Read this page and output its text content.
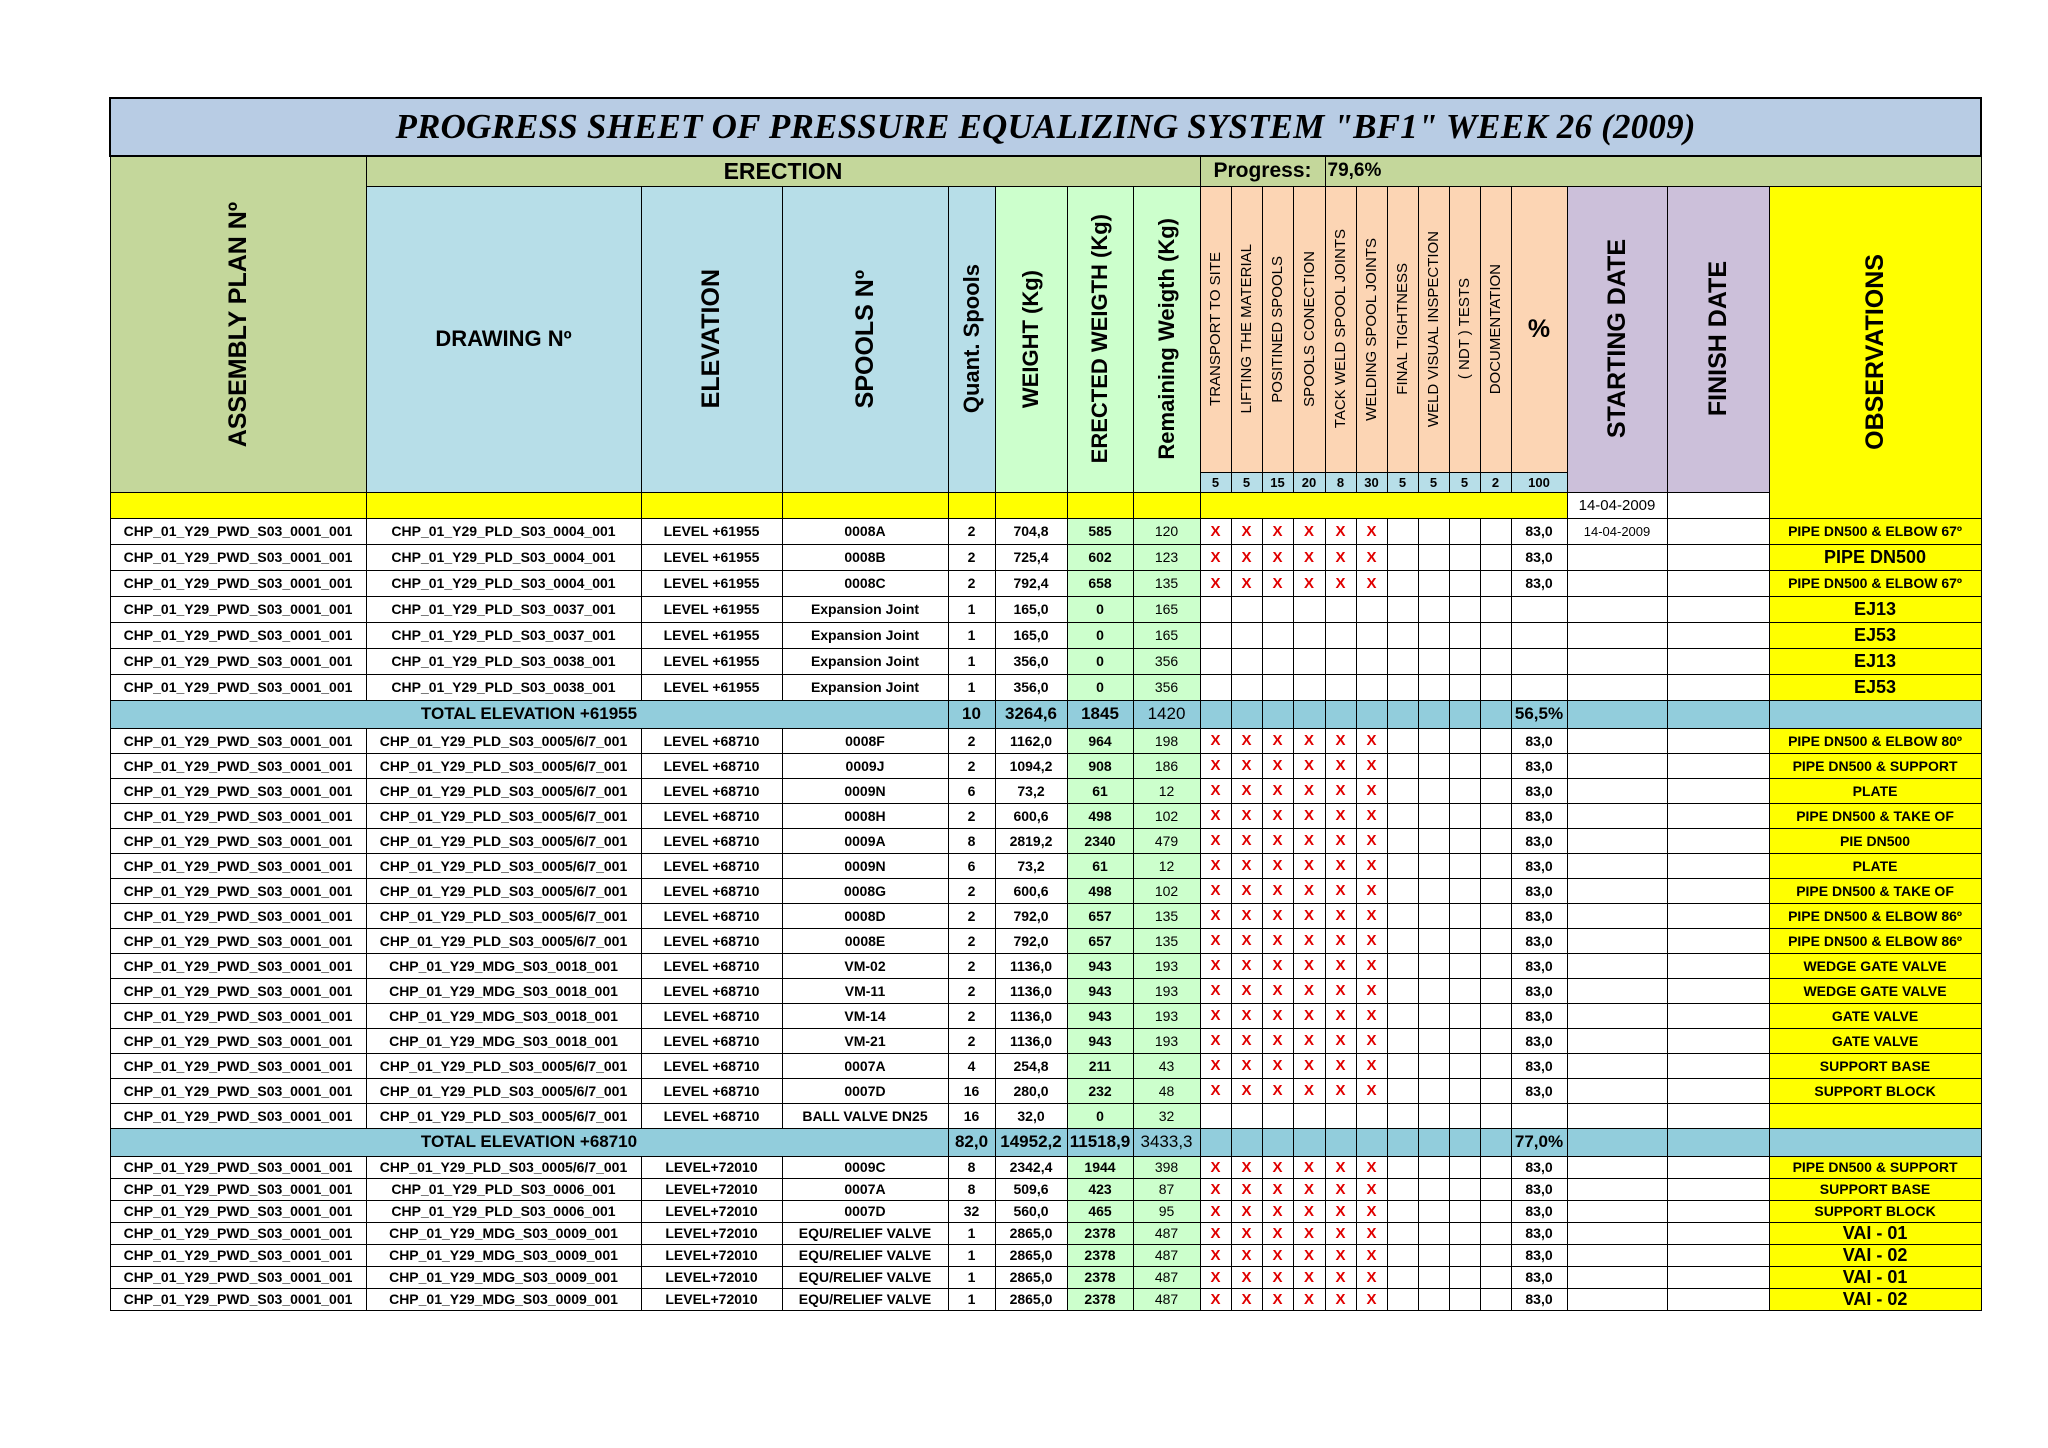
PROGRESS SHEET OF PRESSURE EQUALIZING SYSTEM "BF1" WEEK 26 (2009)																					

ASSEMBLY PLAN Nº	ERECTION							Progress:				79,6%									
	DRAWING Nº	ELEVATION	SPOOLS Nº	Quant. Spools	WEIGHT (Kg)	ERECTED WEIGTH (Kg)	Remaining Weigth (Kg)	TRANSPORT TO SITE	LIFTING THE MATERIAL	POSITINED SPOOLS	SPOOLS CONECTION	TACK WELD SPOOL JOINTS	WELDING SPOOL JOINTS	FINAL TIGHTNESS	WELD VISUAL INSPECTION	( NDT ) TESTS	DOCUMENTATION	%	STARTING DATE	FINISH DATE	OBSERVATIONS

								5	5	15	20	8	30	5	5	5	2	100			
																			14-04-2009		
CHP_01_Y29_PWD_S03_0001_001	CHP_01_Y29_PLD_S03_0004_001	LEVEL +61955	0008A	2	704,8	585	120	X	X	X	X	X	X					83,0	14-04-2009		PIPE DN500 & ELBOW 67º
CHP_01_Y29_PWD_S03_0001_001	CHP_01_Y29_PLD_S03_0004_001	LEVEL +61955	0008B	2	725,4	602	123	X	X	X	X	X	X					83,0			PIPE DN500
CHP_01_Y29_PWD_S03_0001_001	CHP_01_Y29_PLD_S03_0004_001	LEVEL +61955	0008C	2	792,4	658	135	X	X	X	X	X	X					83,0			PIPE DN500 & ELBOW 67º
CHP_01_Y29_PWD_S03_0001_001	CHP_01_Y29_PLD_S03_0037_001	LEVEL +61955	Expansion Joint	1	165,0	0	165														EJ13
CHP_01_Y29_PWD_S03_0001_001	CHP_01_Y29_PLD_S03_0037_001	LEVEL +61955	Expansion Joint	1	165,0	0	165														EJ53
CHP_01_Y29_PWD_S03_0001_001	CHP_01_Y29_PLD_S03_0038_001	LEVEL +61955	Expansion Joint	1	356,0	0	356														EJ13
CHP_01_Y29_PWD_S03_0001_001	CHP_01_Y29_PLD_S03_0038_001	LEVEL +61955	Expansion Joint	1	356,0	0	356														EJ53
TOTAL ELEVATION +61955				10	3264,6	1845	1420											56,5%			
CHP_01_Y29_PWD_S03_0001_001	CHP_01_Y29_PLD_S03_0005/6/7_001	LEVEL +68710	0008F	2	1162,0	964	198	X	X	X	X	X	X					83,0			PIPE DN500 & ELBOW 80º
CHP_01_Y29_PWD_S03_0001_001	CHP_01_Y29_PLD_S03_0005/6/7_001	LEVEL +68710	0009J	2	1094,2	908	186	X	X	X	X	X	X					83,0			PIPE DN500 & SUPPORT
CHP_01_Y29_PWD_S03_0001_001	CHP_01_Y29_PLD_S03_0005/6/7_001	LEVEL +68710	0009N	6	73,2	61	12	X	X	X	X	X	X					83,0			PLATE
CHP_01_Y29_PWD_S03_0001_001	CHP_01_Y29_PLD_S03_0005/6/7_001	LEVEL +68710	0008H	2	600,6	498	102	X	X	X	X	X	X					83,0			PIPE DN500 & TAKE OF
CHP_01_Y29_PWD_S03_0001_001	CHP_01_Y29_PLD_S03_0005/6/7_001	LEVEL +68710	0009A	8	2819,2	2340	479	X	X	X	X	X	X					83,0			PIE DN500
CHP_01_Y29_PWD_S03_0001_001	CHP_01_Y29_PLD_S03_0005/6/7_001	LEVEL +68710	0009N	6	73,2	61	12	X	X	X	X	X	X					83,0			PLATE
CHP_01_Y29_PWD_S03_0001_001	CHP_01_Y29_PLD_S03_0005/6/7_001	LEVEL +68710	0008G	2	600,6	498	102	X	X	X	X	X	X					83,0			PIPE DN500 & TAKE OF
CHP_01_Y29_PWD_S03_0001_001	CHP_01_Y29_PLD_S03_0005/6/7_001	LEVEL +68710	0008D	2	792,0	657	135	X	X	X	X	X	X					83,0			PIPE DN500 & ELBOW 86º
CHP_01_Y29_PWD_S03_0001_001	CHP_01_Y29_PLD_S03_0005/6/7_001	LEVEL +68710	0008E	2	792,0	657	135	X	X	X	X	X	X					83,0			PIPE DN500 & ELBOW 86º
CHP_01_Y29_PWD_S03_0001_001	CHP_01_Y29_MDG_S03_0018_001	LEVEL +68710	VM-02	2	1136,0	943	193	X	X	X	X	X	X					83,0			WEDGE GATE VALVE
CHP_01_Y29_PWD_S03_0001_001	CHP_01_Y29_MDG_S03_0018_001	LEVEL +68710	VM-11	2	1136,0	943	193	X	X	X	X	X	X					83,0			WEDGE GATE VALVE
CHP_01_Y29_PWD_S03_0001_001	CHP_01_Y29_MDG_S03_0018_001	LEVEL +68710	VM-14	2	1136,0	943	193	X	X	X	X	X	X					83,0			GATE VALVE
CHP_01_Y29_PWD_S03_0001_001	CHP_01_Y29_MDG_S03_0018_001	LEVEL +68710	VM-21	2	1136,0	943	193	X	X	X	X	X	X					83,0			GATE VALVE
CHP_01_Y29_PWD_S03_0001_001	CHP_01_Y29_PLD_S03_0005/6/7_001	LEVEL +68710	0007A	4	254,8	211	43	X	X	X	X	X	X					83,0			SUPPORT BASE
CHP_01_Y29_PWD_S03_0001_001	CHP_01_Y29_PLD_S03_0005/6/7_001	LEVEL +68710	0007D	16	280,0	232	48	X	X	X	X	X	X					83,0			SUPPORT BLOCK
CHP_01_Y29_PWD_S03_0001_001	CHP_01_Y29_PLD_S03_0005/6/7_001	LEVEL +68710	BALL VALVE DN25	16	32,0	0	32														
TOTAL ELEVATION +68710				82,0	14952,2	11518,9	3433,3											77,0%			
CHP_01_Y29_PWD_S03_0001_001	CHP_01_Y29_PLD_S03_0005/6/7_001	LEVEL+72010	0009C	8	2342,4	1944	398	X	X	X	X	X	X					83,0			PIPE DN500 & SUPPORT
CHP_01_Y29_PWD_S03_0001_001	CHP_01_Y29_PLD_S03_0006_001	LEVEL+72010	0007A	8	509,6	423	87	X	X	X	X	X	X					83,0			SUPPORT BASE
CHP_01_Y29_PWD_S03_0001_001	CHP_01_Y29_PLD_S03_0006_001	LEVEL+72010	0007D	32	560,0	465	95	X	X	X	X	X	X					83,0			SUPPORT BLOCK
CHP_01_Y29_PWD_S03_0001_001	CHP_01_Y29_MDG_S03_0009_001	LEVEL+72010	EQU/RELIEF VALVE	1	2865,0	2378	487	X	X	X	X	X	X					83,0			VAI - 01
CHP_01_Y29_PWD_S03_0001_001	CHP_01_Y29_MDG_S03_0009_001	LEVEL+72010	EQU/RELIEF VALVE	1	2865,0	2378	487	X	X	X	X	X	X					83,0			VAI - 02
CHP_01_Y29_PWD_S03_0001_001	CHP_01_Y29_MDG_S03_0009_001	LEVEL+72010	EQU/RELIEF VALVE	1	2865,0	2378	487	X	X	X	X	X	X					83,0			VAI - 01
CHP_01_Y29_PWD_S03_0001_001	CHP_01_Y29_MDG_S03_0009_001	LEVEL+72010	EQU/RELIEF VALVE	1	2865,0	2378	487	X	X	X	X	X	X					83,0			VAI - 02
